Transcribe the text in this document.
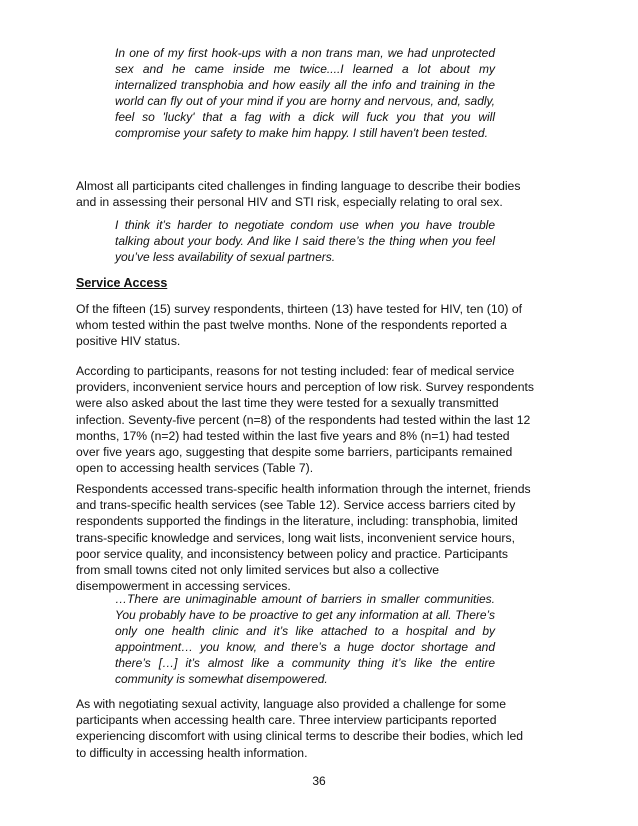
In one of my first hook-ups with a non trans man, we had unprotected sex and he came inside me twice....I learned a lot about my internalized transphobia and how easily all the info and training in the world can fly out of your mind if you are horny and nervous, and, sadly, feel so 'lucky' that a fag with a dick will fuck you that you will compromise your safety to make him happy. I still haven't been tested.

Almost all participants cited challenges in finding language to describe their bodies and in assessing their personal HIV and STI risk, especially relating to oral sex.

I think it’s harder to negotiate condom use when you have trouble talking about your body. And like I said there’s the thing when you feel you’ve less availability of sexual partners.

Service Access

Of the fifteen (15) survey respondents, thirteen (13) have tested for HIV, ten (10) of whom tested within the past twelve months. None of the respondents reported a positive HIV status.

According to participants, reasons for not testing included: fear of medical service providers, inconvenient service hours and perception of low risk. Survey respondents were also asked about the last time they were tested for a sexually transmitted infection. Seventy-five percent (n=8) of the respondents had tested within the last 12 months, 17% (n=2) had tested within the last five years and 8% (n=1) had tested over five years ago, suggesting that despite some barriers, participants remained open to accessing health services (Table 7).

Respondents accessed trans-specific health information through the internet, friends and trans-specific health services (see Table 12). Service access barriers cited by respondents supported the findings in the literature, including: transphobia, limited trans-specific knowledge and services, long wait lists, inconvenient service hours, poor service quality, and inconsistency between policy and practice. Participants from small towns cited not only limited services but also a collective disempowerment in accessing services.

…There are unimaginable amount of barriers in smaller communities. You probably have to be proactive to get any information at all. There’s only one health clinic and it’s like attached to a hospital and by appointment… you know, and there’s a huge doctor shortage and there’s […] it’s almost like a community thing it’s like the entire community is somewhat disempowered.

As with negotiating sexual activity, language also provided a challenge for some participants when accessing health care. Three interview participants reported experiencing discomfort with using clinical terms to describe their bodies, which led to difficulty in accessing health information.

36
